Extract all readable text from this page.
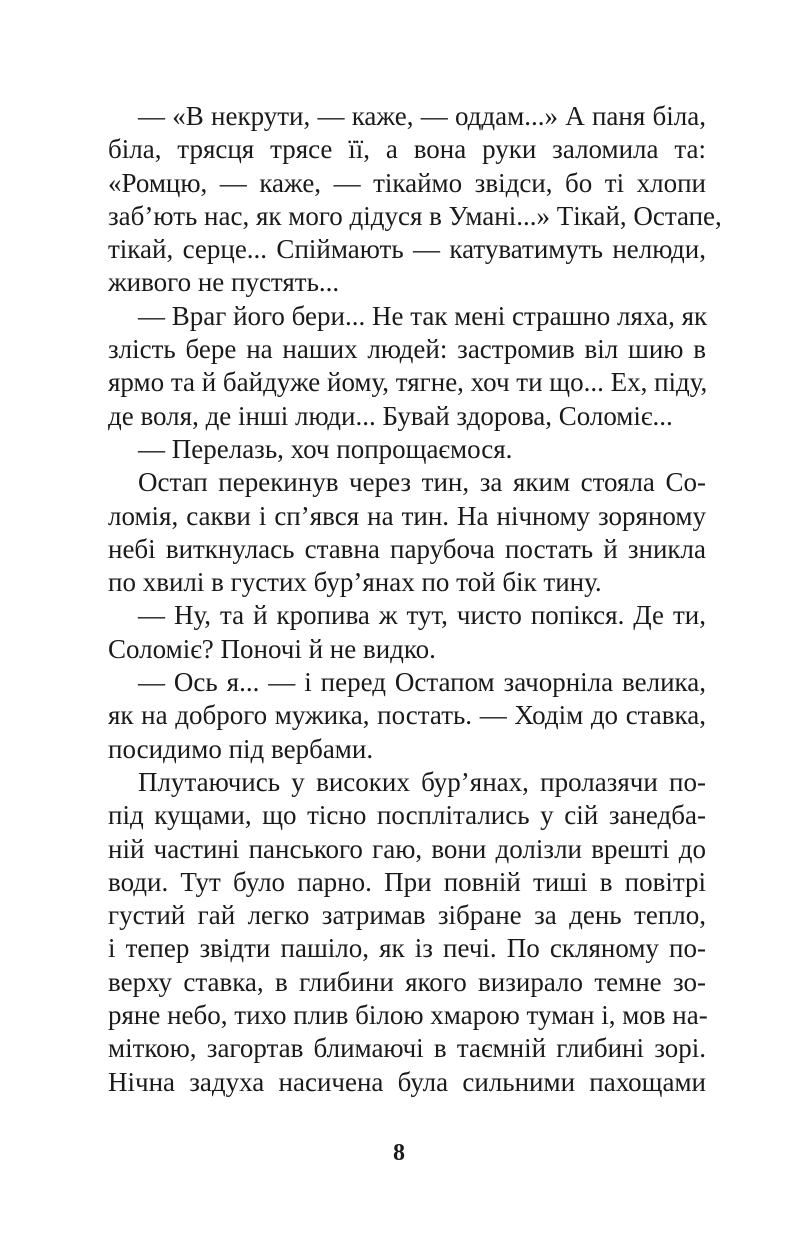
— «В некрути, — каже, — оддам...» А паня біла,
біла, трясця трясе її, а вона руки заломила та:
«Ромцю, — каже, — тікаймо звідси, бо ті хлопи
заб’ють нас, як мого дідуся в Умані...» Тікай, Остапе,
тікай, серце... Спіймають — катуватимуть нелюди,
живого не пустять...
— Враг його бери... Не так мені страшно ляха, як
злість бере на наших людей: застромив віл шию в
ярмо та й байдуже йому, тягне, хоч ти що... Ех, піду,
де воля, де інші люди... Бувай здорова, Соломіє...
— Перелазь, хоч попрощаємося.
Остап перекинув через тин, за яким стояла Со-
ломія, сакви і сп’явся на тин. На нічному зоряному
небі виткнулась ставна парубоча постать й зникла
по хвилі в густих бур’янах по той бік тину.
— Ну, та й кропива ж тут, чисто попікся. Де ти,
Соломіє? Поночі й не видко.
— Ось я... — і перед Остапом зачорніла велика,
як на доброго мужика, постать. — Ходім до ставка,
посидимо під вербами.
Плутаючись у високих бур’янах, пролазячи по-
під кущами, що тісно посплітались у сій занедба-
ній частині панського гаю, вони долізли врешті до
води. Тут було парно. При повній тиші в повітрі
густий гай легко затримав зібране за день тепло,
і тепер звідти пашіло, як із печі. По скляному по-
верху ставка, в глибини якого визирало темне зо-
ряне небо, тихо плив білою хмарою туман і, мов на-
міткою, загортав блимаючі в таємній глибині зорі.
Нічна задуха насичена була сильними пахощами
8
